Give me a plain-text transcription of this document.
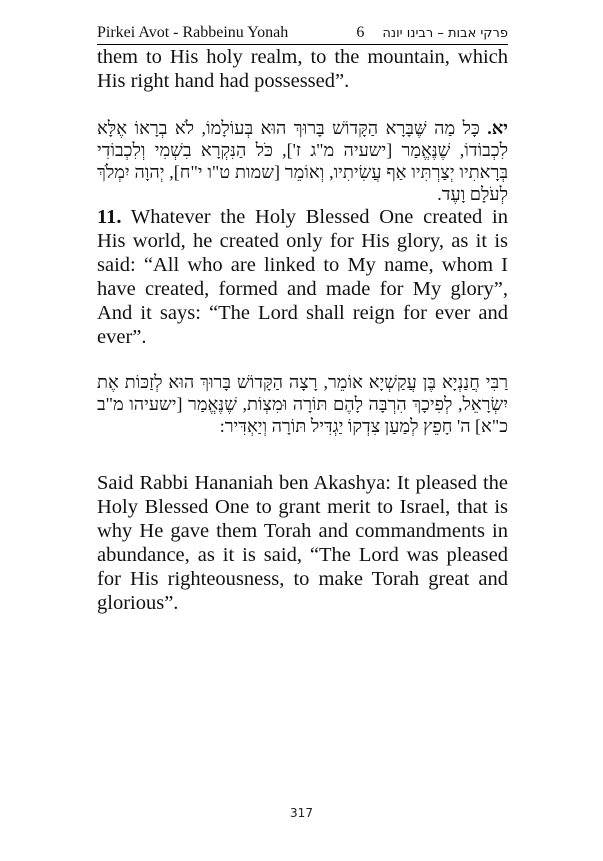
Pirkei Avot - Rabbeinu Yonah	6 פרקי אבות – רבינו יונה

them to His holy realm, to the mountain, which His right hand had possessed”.

יא. כָּל מַה שֶּׁבָּרָא הַקָּדוֹשׁ בָּרוּךְ הוּא בְּעוֹלָמוֹ, לֹא בְרָאוֹ אֶלָּא לִכְבוֹדוֹ, שֶׁנֶּאֱמַר [ישעיה מ"ג ז'], כֹּל הַנִּקְרָא בִשְׁמִי וְלִכְבוֹדִי בְּרָאתִיו יְצַרְתִּיו אַף עֲשִׂיתִיו, וְאוֹמֵר [שמות ט"ו י"ח], יְהוָה יִמְלֹךְ לְעֹלָם וָעֶד.

11. Whatever the Holy Blessed One created in His world, he created only for His glory, as it is said: “All who are linked to My name, whom I have created, formed and made for My glory”, And it says: “The Lord shall reign for ever and ever”.

רַבִּי חֲנַנְיָא בֶּן עֲקַשְׁיָא אוֹמֵר, רָצָה הַקָּדוֹשׁ בָּרוּךְ הוּא לְזַכּוֹת אֶת יִשְׂרָאֵל, לְפִיכָךְ הִרְבָּה לָהֶם תּוֹרָה וּמִצְוֹת, שֶׁנֶּאֱמַר [ישעיהו מ"ב כ"א] ה' חָפֵץ לְמַעַן צִדְקוֹ יַגְדִּיל תּוֹרָה וְיַאְדִּיר:

Said Rabbi Hananiah ben Akashya: It pleased the Holy Blessed One to grant merit to Israel, that is why He gave them Torah and commandments in abundance, as it is said, “The Lord was pleased for His righteousness, to make Torah great and glorious”.

317
